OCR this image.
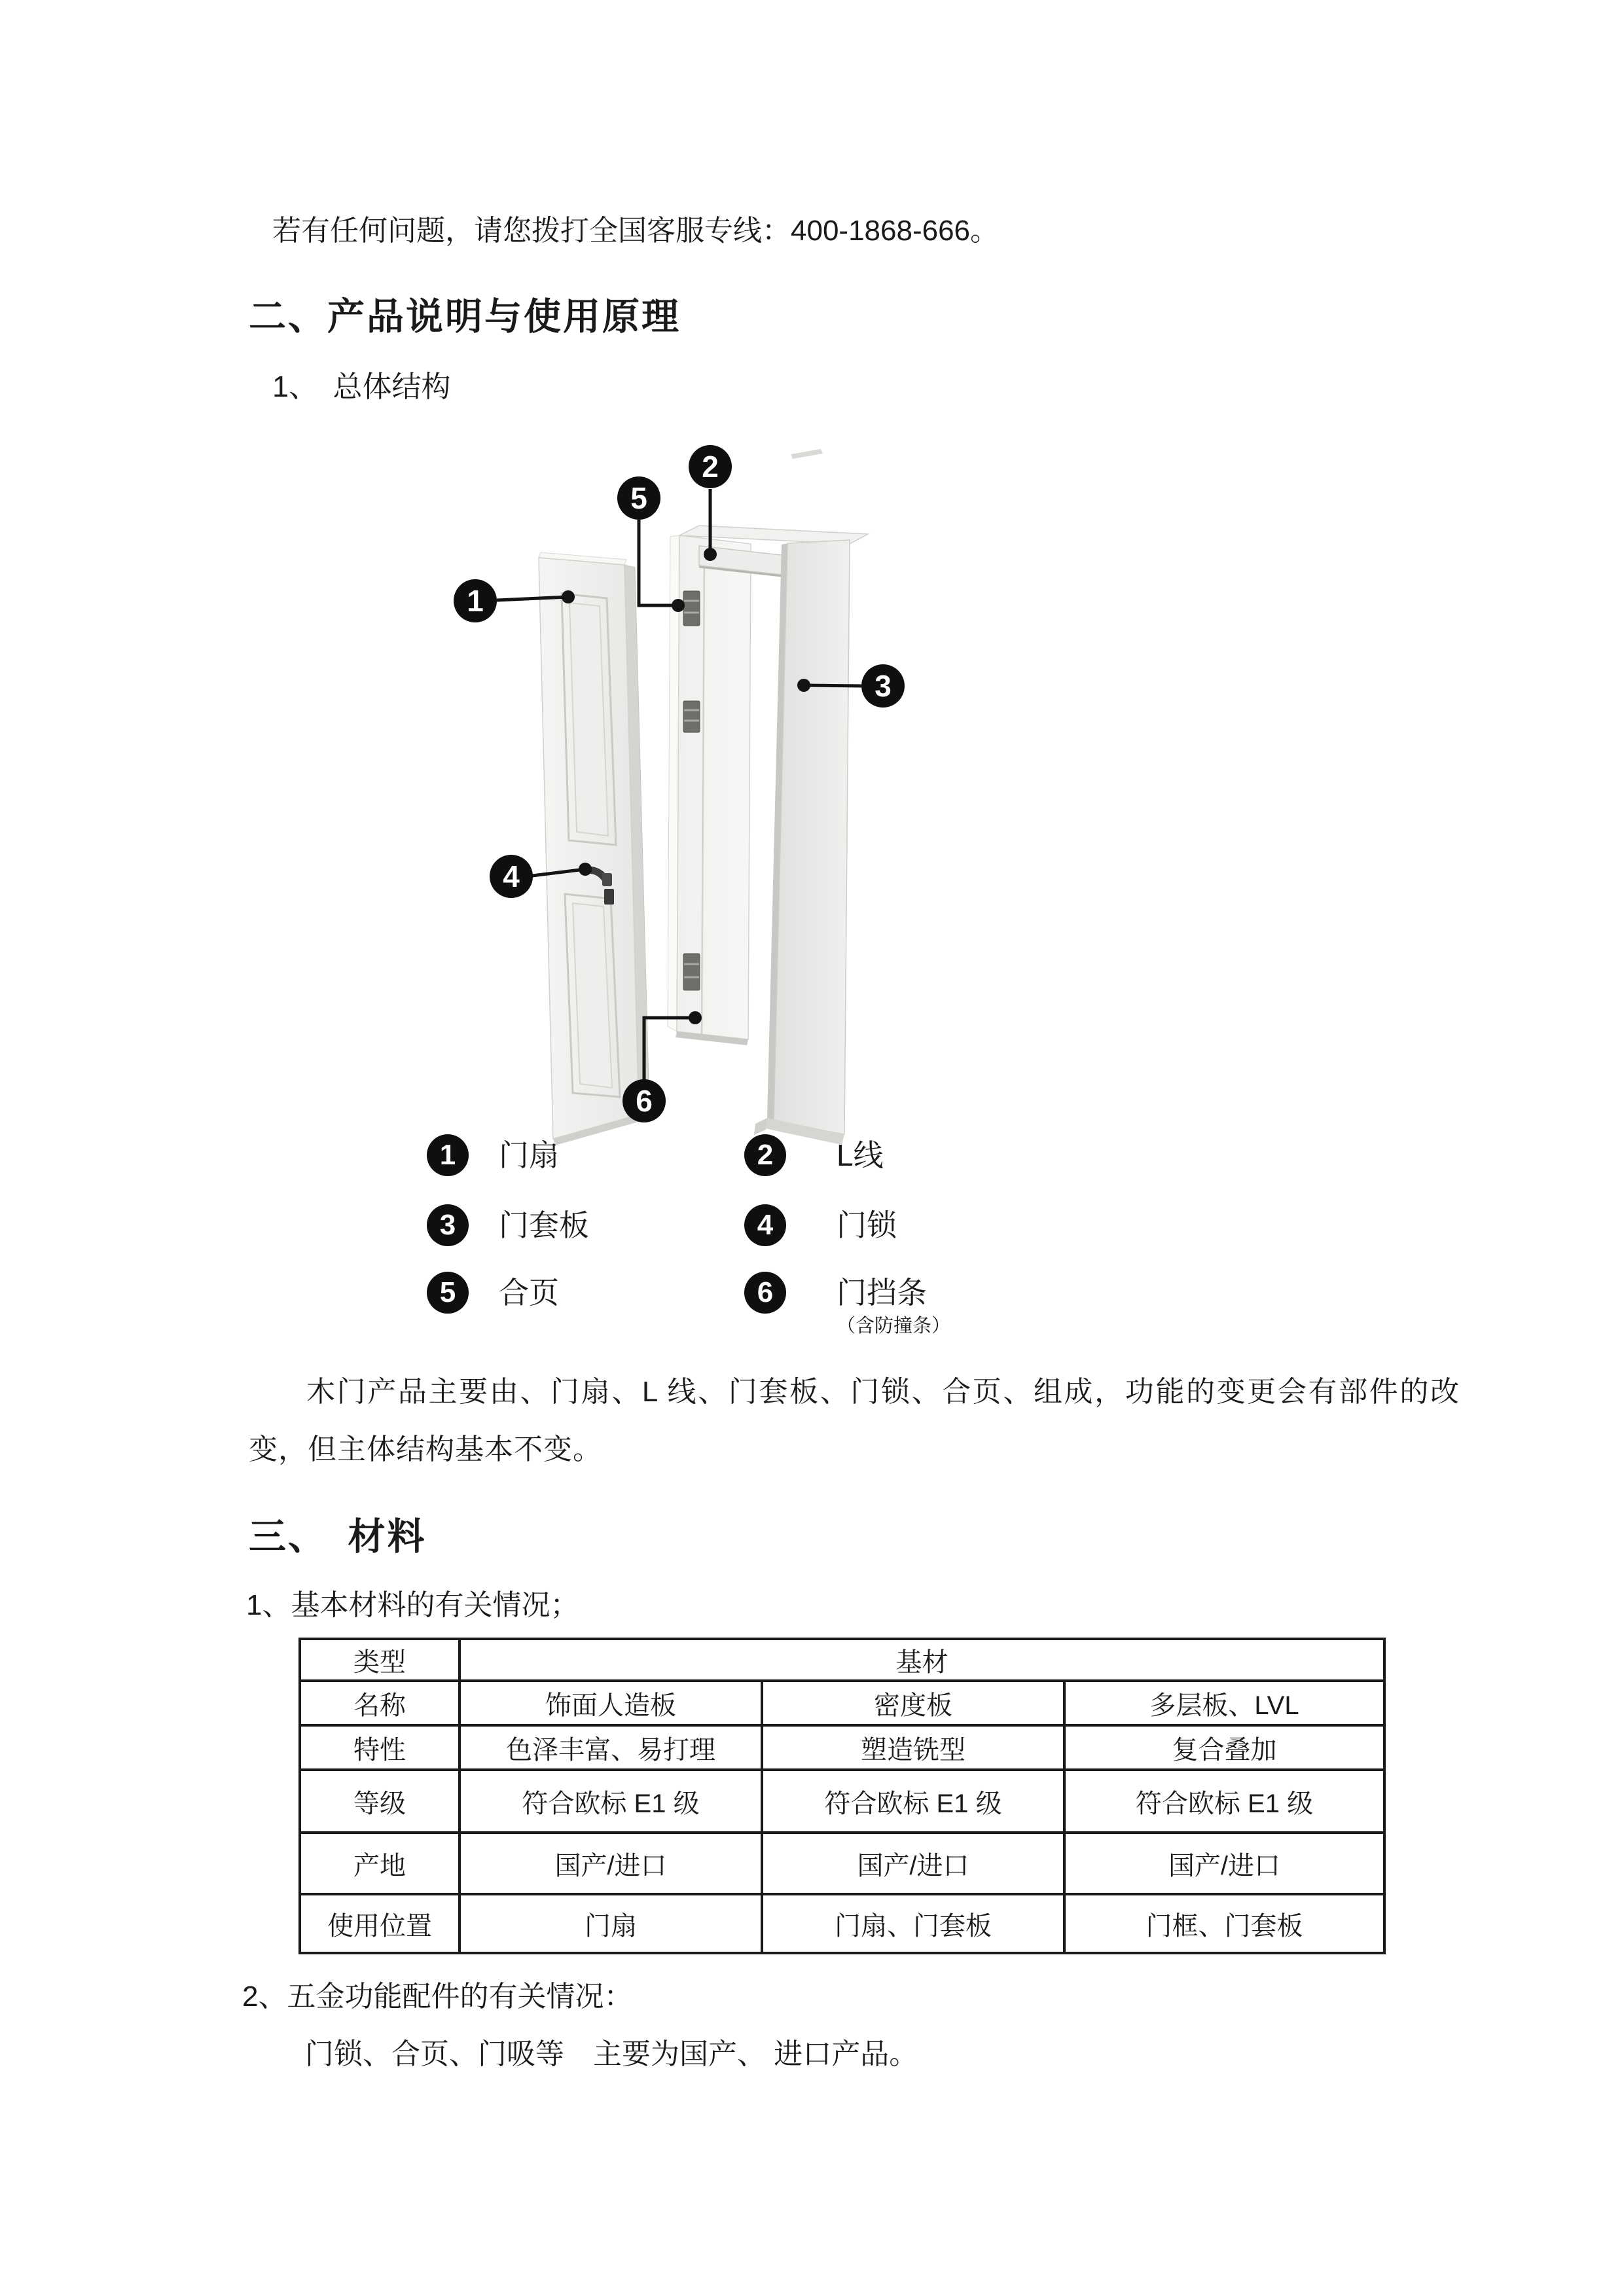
若有任何问题，请您拨打全国客服专线：400-1868-666。
二、产品说明与使用原理
1、　总体结构
1
2
3
4
5
6
1 门扇	2 L线
3 门套板	4 门锁
5 合页	6 门挡条
（含防撞条）
木门产品主要由、门扇、L 线、门套板、门锁、合页、组成，功能的变更会有部件的改变，但主体结构基本不变。
三、　材料
1、基本材料的有关情况；
类型	基材		
名称	饰面人造板	密度板	多层板、LVL
特性	色泽丰富、易打理	塑造铣型	复合叠加
等级	符合欧标 E1 级	符合欧标 E1 级	符合欧标 E1 级
产地	国产/进口	国产/进口	国产/进口
使用位置	门扇	门扇、门套板	门框、门套板
2、五金功能配件的有关情况：
门锁、合页、门吸等　主要为国产、 进口产品。
